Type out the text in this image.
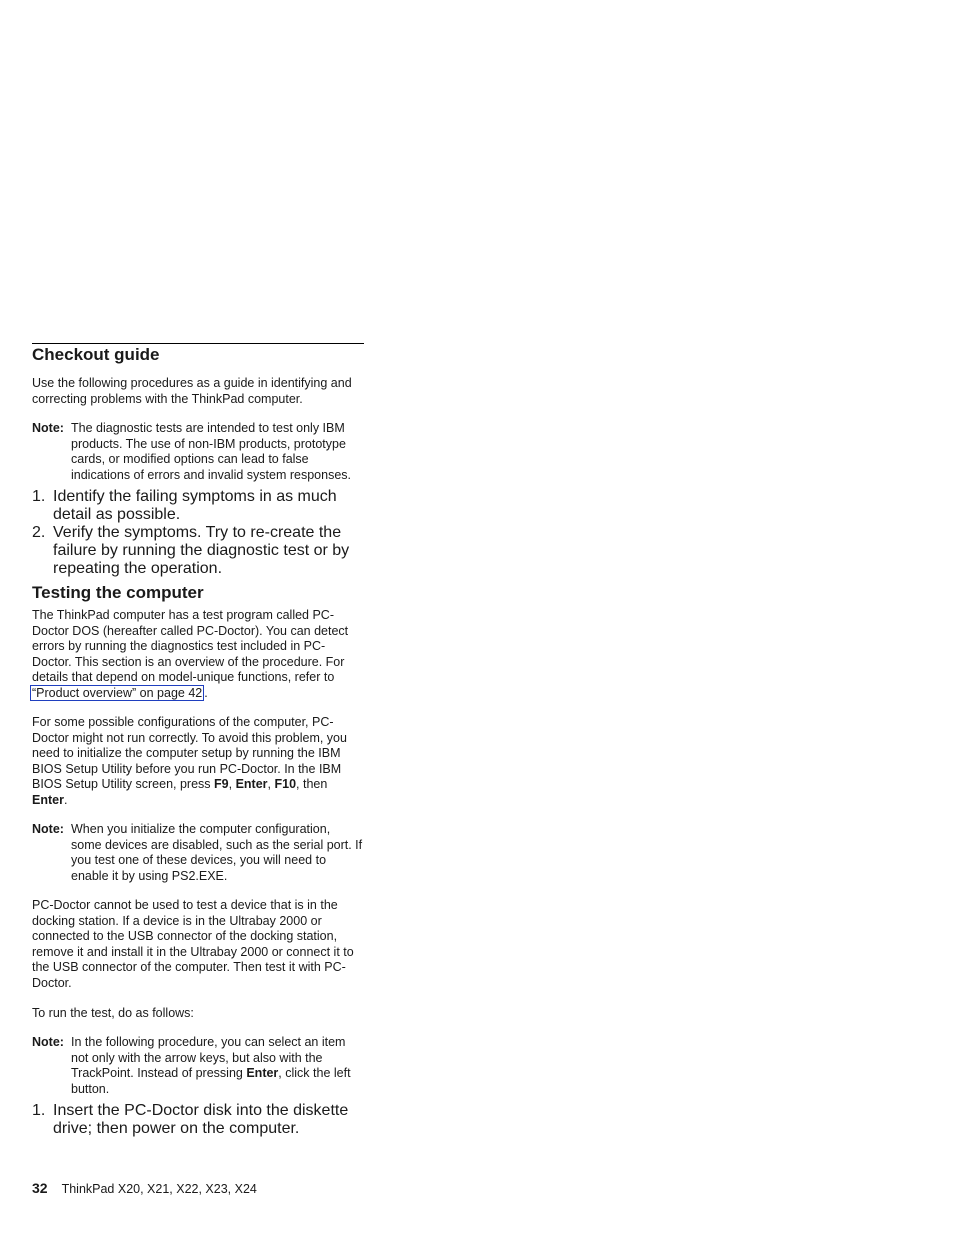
Checkout guide

Use the following procedures as a guide in identifying and correcting problems with the ThinkPad computer.

Note: The diagnostic tests are intended to test only IBM products. The use of non-IBM products, prototype cards, or modified options can lead to false indications of errors and invalid system responses.
1. Identify the failing symptoms in as much detail as possible.
2. Verify the symptoms. Try to re-create the failure by running the diagnostic test or by repeating the operation.
Testing the computer

The ThinkPad computer has a test program called PC-Doctor DOS (hereafter called PC-Doctor). You can detect errors by running the diagnostics test included in PC-Doctor. This section is an overview of the procedure. For details that depend on model-unique functions, refer to “Product overview” on page 42 .

For some possible configurations of the computer, PC-Doctor might not run correctly. To avoid this problem, you need to initialize the computer setup by running the IBM BIOS Setup Utility before you run PC-Doctor. In the IBM BIOS Setup Utility screen, press F9, Enter, F10, then Enter.

Note: When you initialize the computer configuration, some devices are disabled, such as the serial port. If you test one of these devices, you will need to enable it by using PS2.EXE.

PC-Doctor cannot be used to test a device that is in the docking station. If a device is in the Ultrabay 2000 or connected to the USB connector of the docking station, remove it and install it in the Ultrabay 2000 or connect it to the USB connector of the computer. Then test it with PC-Doctor.

To run the test, do as follows:

Note: In the following procedure, you can select an item not only with the arrow keys, but also with the TrackPoint. Instead of pressing Enter, click the left button.
1. Insert the PC-Doctor disk into the diskette drive; then power on the computer.
32 ThinkPad X20, X21, X22, X23, X24
